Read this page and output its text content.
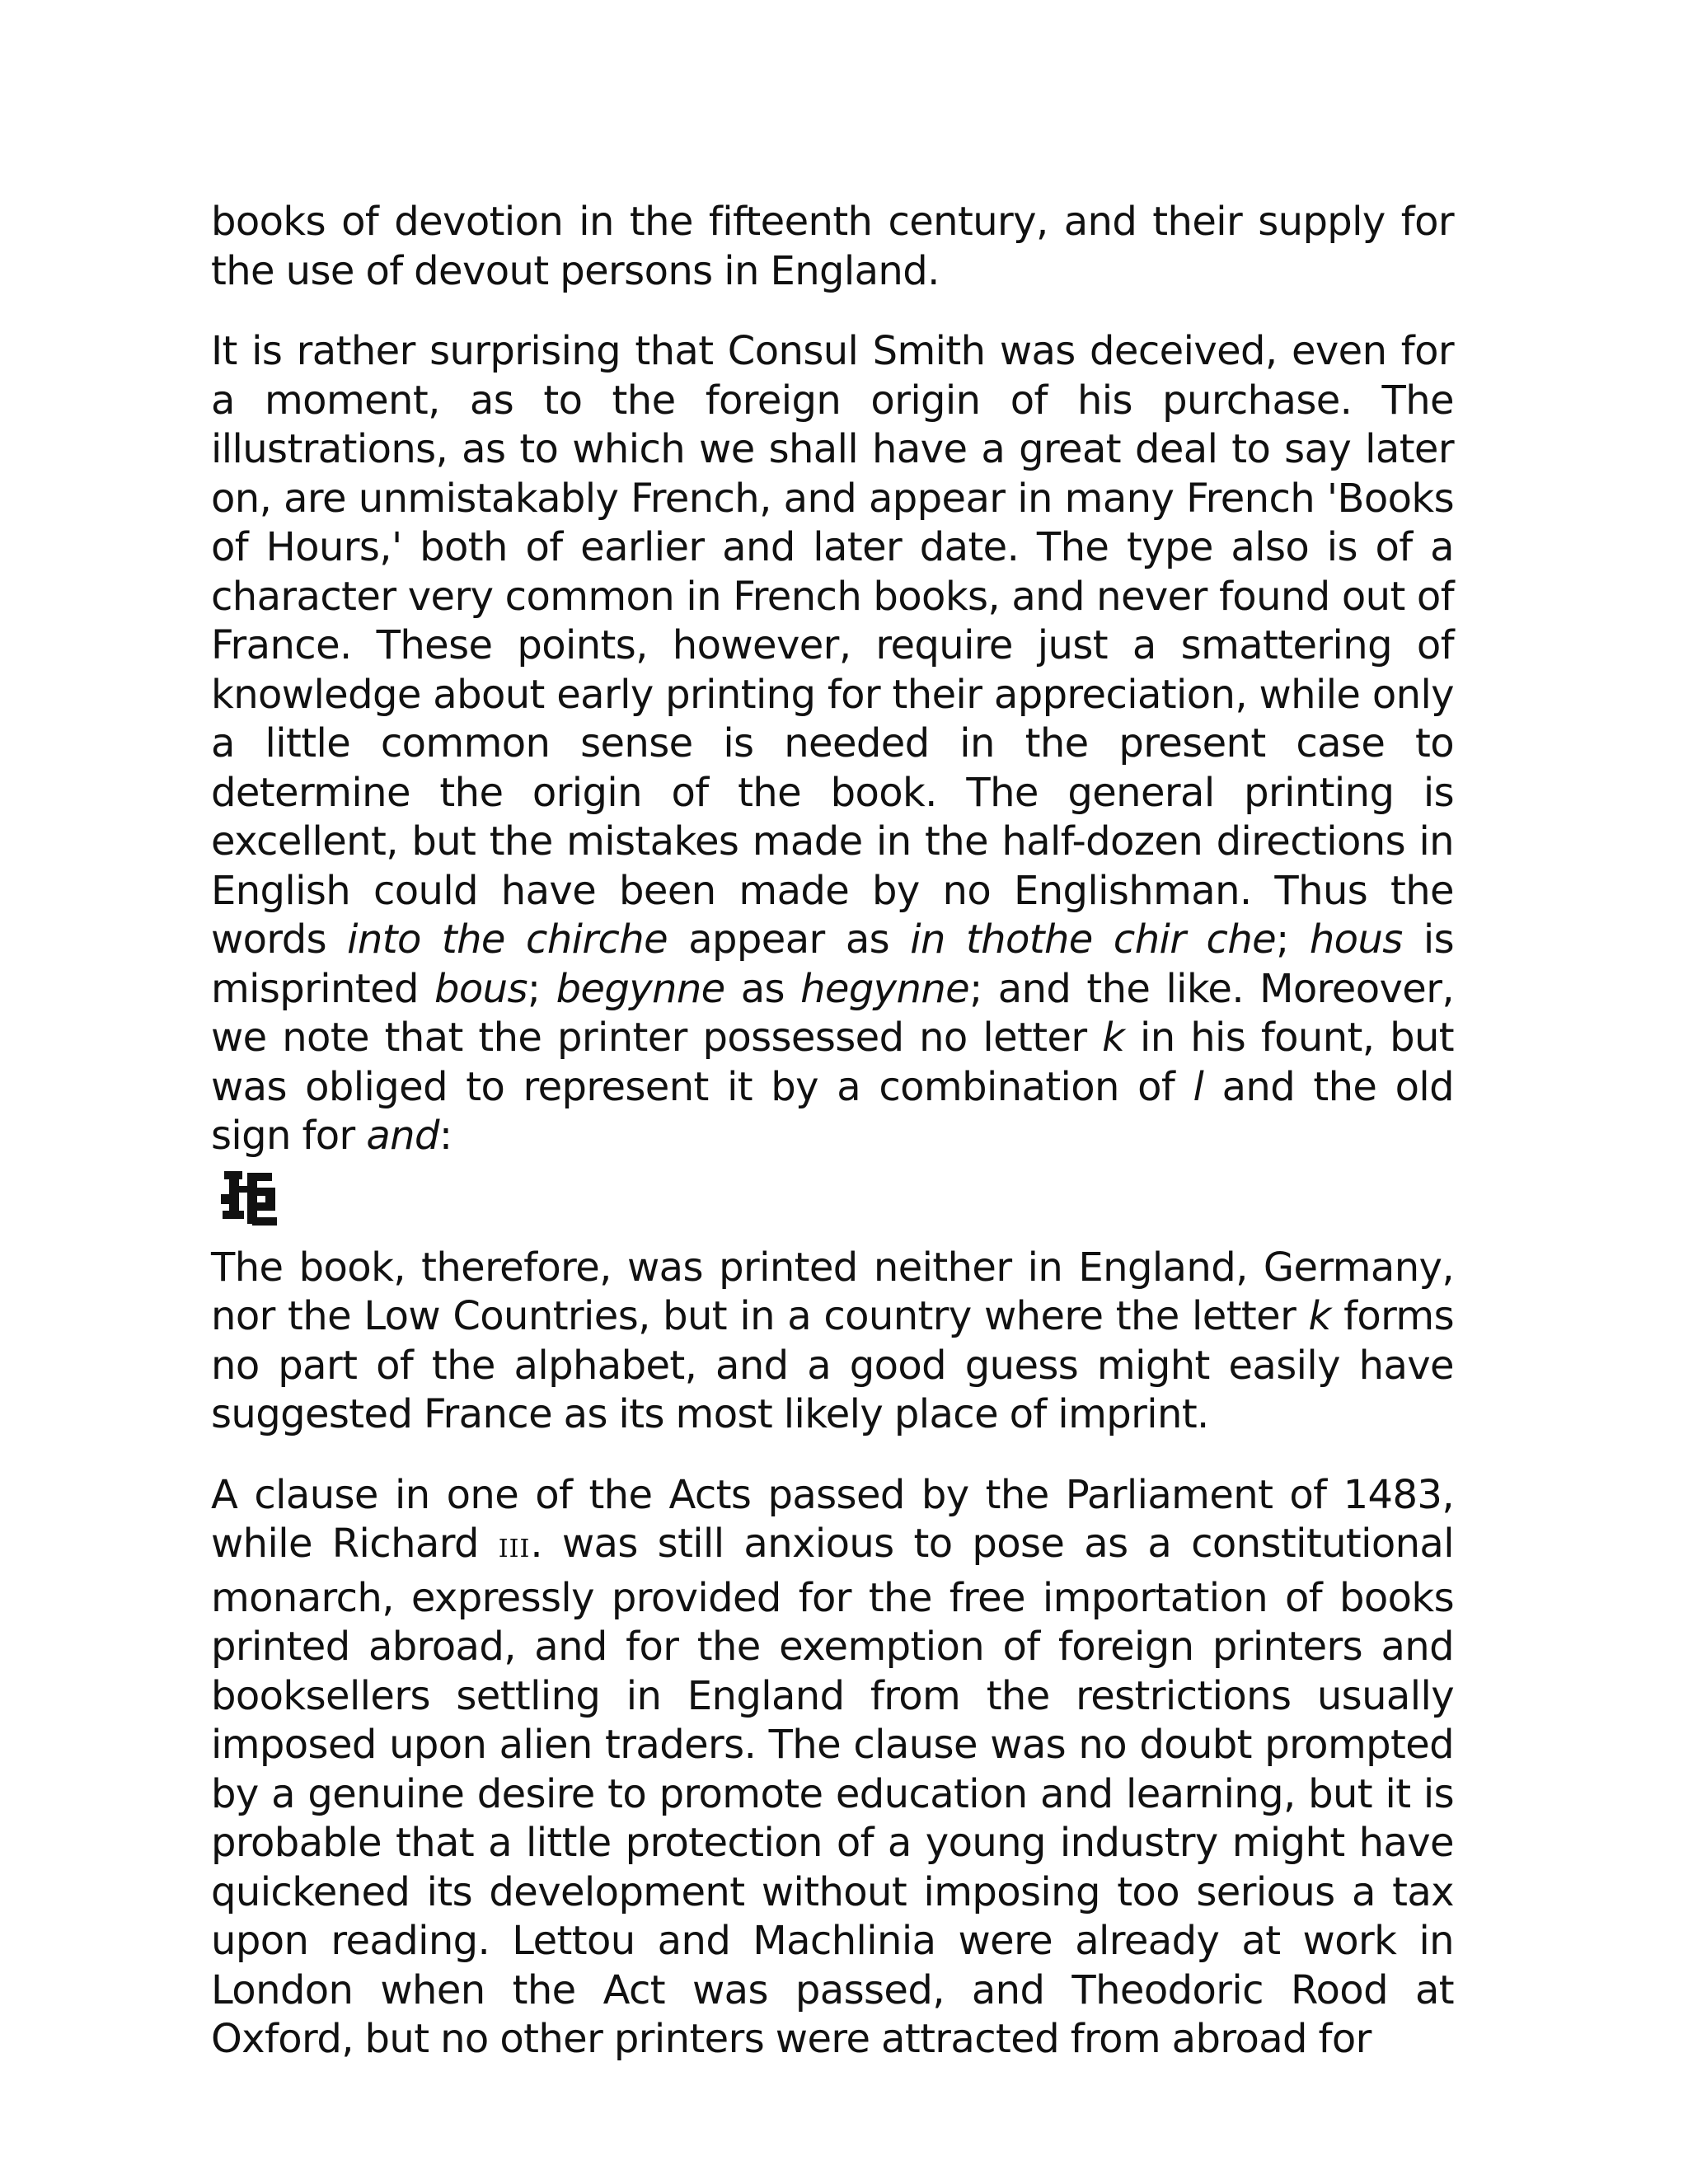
books of devotion in the fifteenth century, and their supply for the use of devout persons in England.

It is rather surprising that Consul Smith was deceived, even for a moment, as to the foreign origin of his purchase. The illustrations, as to which we shall have a great deal to say later on, are unmistakably French, and appear in many French 'Books of Hours,' both of earlier and later date. The type also is of a character very common in French books, and never found out of France. These points, however, require just a smattering of knowledge about early printing for their appreciation, while only a little common sense is needed in the present case to determine the origin of the book. The general printing is excellent, but the mistakes made in the half-dozen directions in English could have been made by no Englishman. Thus the words into the chirche appear as in thothe chir che; hous is misprinted bous; begynne as hegynne; and the like. Moreover, we note that the printer possessed no letter k in his fount, but was obliged to represent it by a combination of l and the old sign for and:

The book, therefore, was printed neither in England, Germany, nor the Low Countries, but in a country where the letter k forms no part of the alphabet, and a good guess might easily have suggested France as its most likely place of imprint.

A clause in one of the Acts passed by the Parliament of 1483, while Richard III. was still anxious to pose as a constitutional monarch, expressly provided for the free importation of books printed abroad, and for the exemption of foreign printers and booksellers settling in England from the restrictions usually imposed upon alien traders. The clause was no doubt prompted by a genuine desire to promote education and learning, but it is probable that a little protection of a young industry might have quickened its development without imposing too serious a tax upon reading. Lettou and Machlinia were already at work in London when the Act was passed, and Theodoric Rood at Oxford, but no other printers were attracted from abroad for
